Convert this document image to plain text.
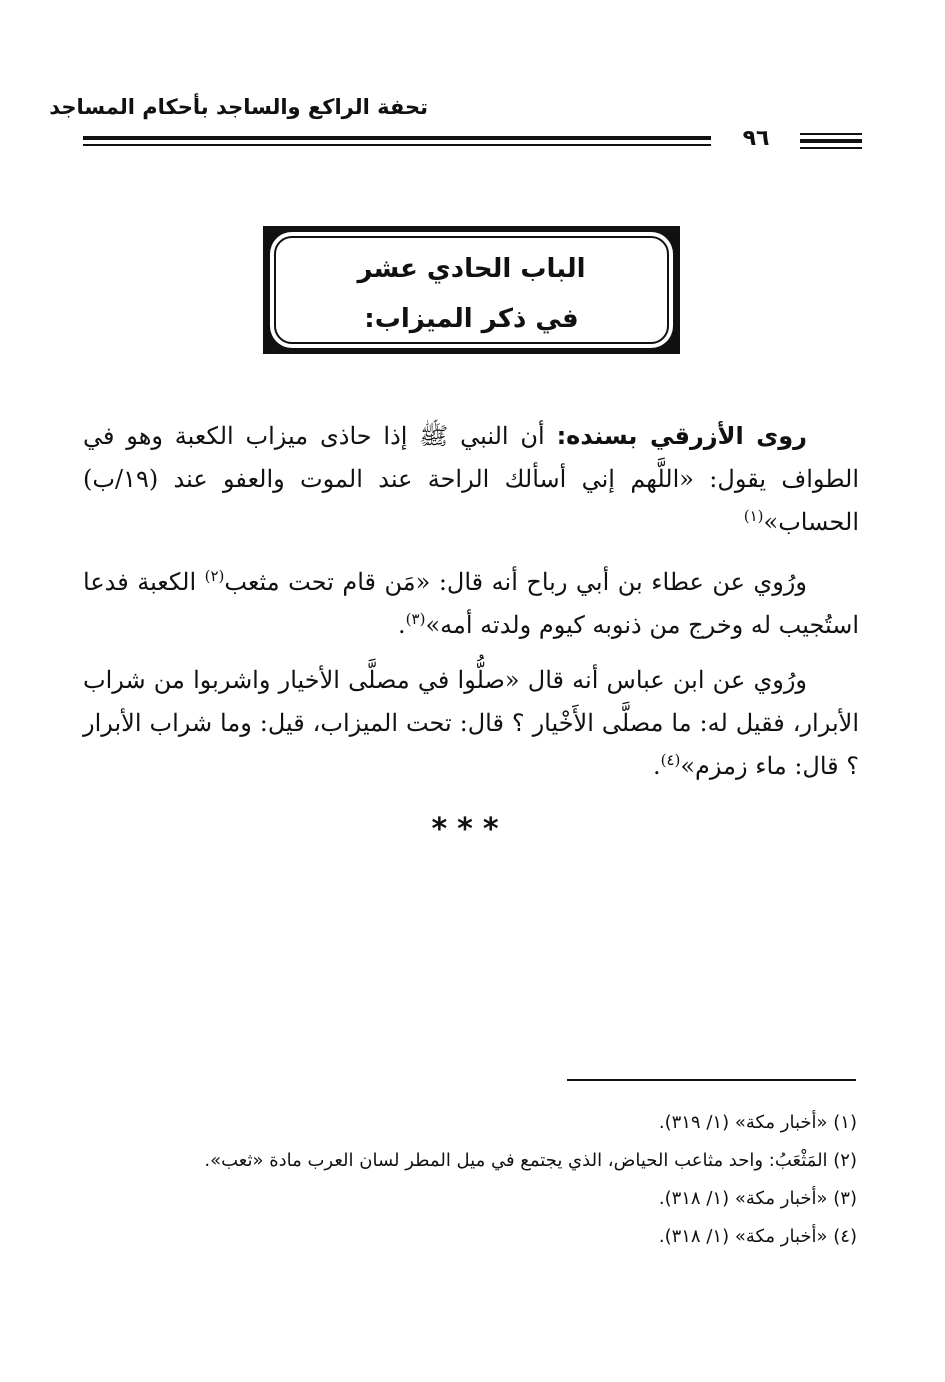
تحفة الراكع والساجد بأحكام المساجد
٩٦
الباب الحادي عشر
في ذكر الميزاب:

روى الأزرقي بسنده: أن النبي ﷺ إذا حاذى ميزاب الكعبة وهو في الطواف يقول: «اللَّهم إني أسألك الراحة عند الموت والعفو عند (١٩/ب) الحساب»$^{(١)}$

ورُوي عن عطاء بن أبي رباح أنه قال: «مَن قام تحت مثعب$^{(٢)}$ الكعبة فدعا استُجيب له وخرج من ذنوبه كيوم ولدته أمه»$^{(٣)}$.

ورُوي عن ابن عباس أنه قال «صلُّوا في مصلَّى الأخيار واشربوا من شراب الأبرار، فقيل له: ما مصلَّى الأَخْيار ؟ قال: تحت الميزاب، قيل: وما شراب الأبرار ؟ قال: ماء زمزم»$^{(٤)}$.

***
(١) «أخبار مكة» (١/ ٣١٩).
(٢) المَثْعَبُ: واحد مثاعب الحياض، الذي يجتمع في ميل المطر لسان العرب مادة «ثعب».
(٣) «أخبار مكة» (١/ ٣١٨).
(٤) «أخبار مكة» (١/ ٣١٨).
